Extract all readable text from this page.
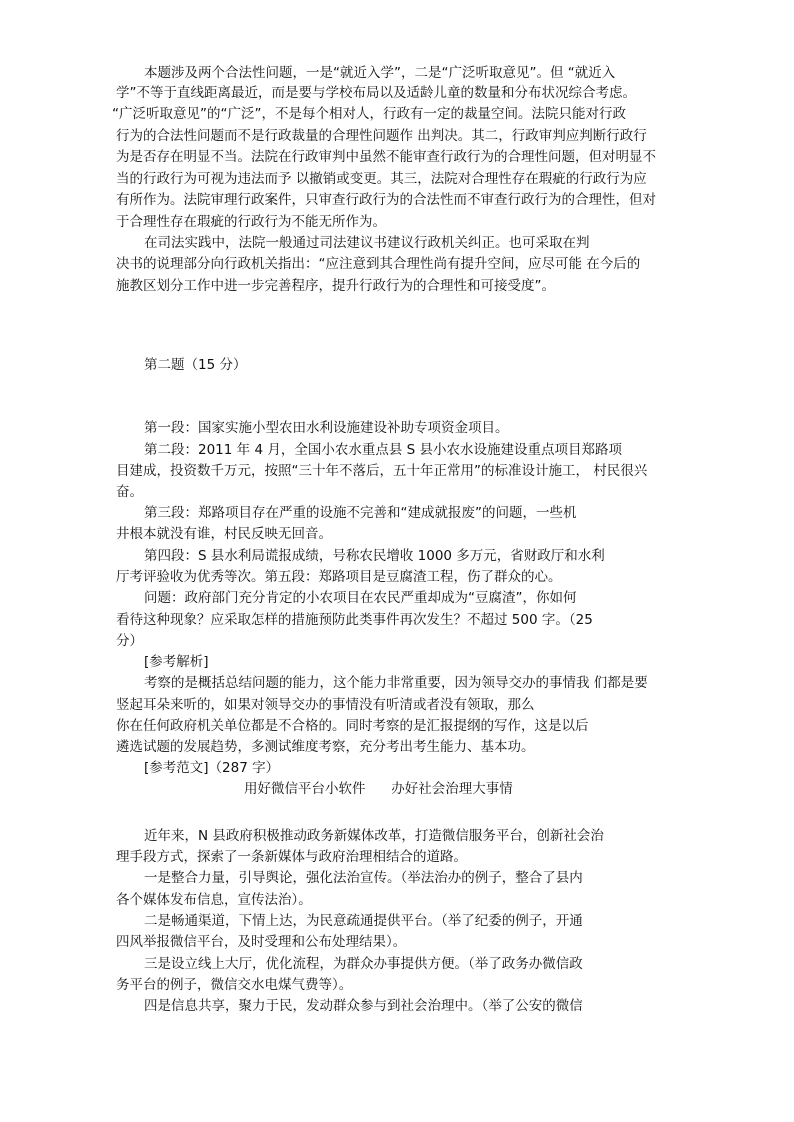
本题涉及两个合法性问题，一是“就近入学”，二是“广泛听取意见”。但 “就近入
学”不等于直线距离最近，而是要与学校布局以及适龄儿童的数量和分布状况综合考虑。
“广泛听取意见”的“广泛”，不是每个相对人，行政有一定的裁量空间。法院只能对行政
行为的合法性问题而不是行政裁量的合理性问题作 出判决。其二，行政审判应判断行政行
为是否存在明显不当。法院在行政审判中虽然不能审查行政行为的合理性问题，但对明显不
当的行政行为可视为违法而予 以撤销或变更。其三，法院对合理性存在瑕疵的行政行为应
有所作为。法院审理行政案件，只审查行政行为的合法性而不审查行政行为的合理性，但对
于合理性存在瑕疵的行政行为不能无所作为。
在司法实践中，法院一般通过司法建议书建议行政机关纠正。也可采取在判
决书的说理部分向行政机关指出：“应注意到其合理性尚有提升空间，应尽可能 在今后的
施教区划分工作中进一步完善程序，提升行政行为的合理性和可接受度”。
第二题（15 分）
第一段：国家实施小型农田水利设施建设补助专项资金项目。
第二段：2011 年 4 月，全国小农水重点县 S 县小农水设施建设重点项目郑路项
目建成，投资数千万元，按照“三十年不落后，五十年正常用”的标准设计施工， 村民很兴
奋。
第三段：郑路项目存在严重的设施不完善和“建成就报废”的问题，一些机
井根本就没有谁，村民反映无回音。
第四段：S 县水利局谎报成绩，号称农民增收 1000 多万元，省财政厅和水利
厅考评验收为优秀等次。第五段：郑路项目是豆腐渣工程，伤了群众的心。
问题：政府部门充分肯定的小农项目在农民严重却成为“豆腐渣”，你如何
看待这种现象？应采取怎样的措施预防此类事件再次发生？不超过 500 字。（25
分）
[参考解析]
考察的是概括总结问题的能力，这个能力非常重要，因为领导交办的事情我 们都是要
竖起耳朵来听的，如果对领导交办的事情没有听清或者没有领取，那么
你在任何政府机关单位都是不合格的。同时考察的是汇报提纲的写作，这是以后
遴选试题的发展趋势，多测试维度考察，充分考出考生能力、基本功。
[参考范文]（287 字）
用好微信平台小软件      办好社会治理大事情
近年来，N 县政府积极推动政务新媒体改革，打造微信服务平台，创新社会治
理手段方式，探索了一条新媒体与政府治理相结合的道路。
一是整合力量，引导舆论，强化法治宣传。（举法治办的例子，整合了县内
各个媒体发布信息，宣传法治）。
二是畅通渠道，下情上达，为民意疏通提供平台。（举了纪委的例子，开通
四风举报微信平台，及时受理和公布处理结果）。
三是设立线上大厅，优化流程，为群众办事提供方便。（举了政务办微信政
务平台的例子，微信交水电煤气费等）。
四是信息共享，聚力于民，发动群众参与到社会治理中。（举了公安的微信
